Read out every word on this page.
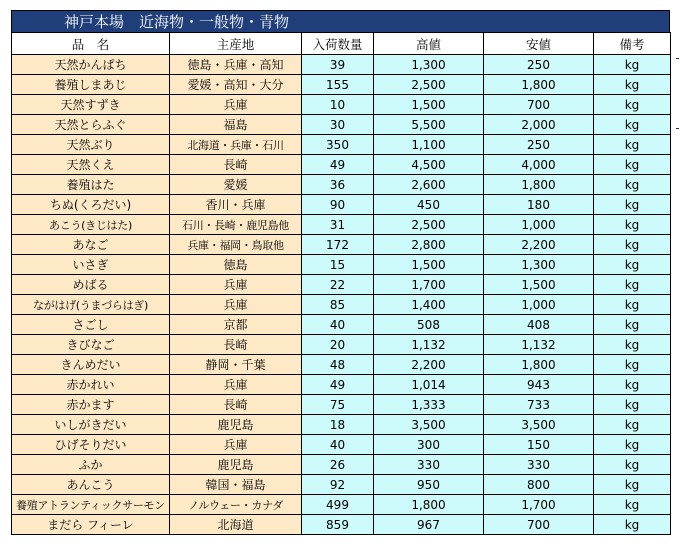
神戸本場　近海物・一般物・青物
品　名	主産地	入荷数量	高値	安値	備考
天然かんぱち	徳島・兵庫・高知	39	1,300	250	kg
養殖しまあじ	愛媛・高知・大分	155	2,500	1,800	kg
天然すずき	兵庫	10	1,500	700	kg
天然とらふぐ	福島	30	5,500	2,000	kg
天然ぶり	北海道・兵庫・石川	350	1,100	250	kg
天然くえ	長崎	49	4,500	4,000	kg
養殖はた	愛媛	36	2,600	1,800	kg
ちぬ(くろだい)	香川・兵庫	90	450	180	kg
あこう(きじはた)	石川・長崎・鹿児島他	31	2,500	1,000	kg
あなご	兵庫・福岡・鳥取他	172	2,800	2,200	kg
いさぎ	徳島	15	1,500	1,300	kg
めばる	兵庫	22	1,700	1,500	kg
ながはげ(うまづらはぎ)	兵庫	85	1,400	1,000	kg
さごし	京都	40	508	408	kg
きびなご	長崎	20	1,132	1,132	kg
きんめだい	静岡・千葉	48	2,200	1,800	kg
赤かれい	兵庫	49	1,014	943	kg
赤かます	長崎	75	1,333	733	kg
いしがきだい	鹿児島	18	3,500	3,500	kg
ひげそりだい	兵庫	40	300	150	kg
ふか	鹿児島	26	330	330	kg
あんこう	韓国・福島	92	950	800	kg
養殖アトランティックサーモン	ノルウェー・カナダ	499	1,800	1,700	kg
まだら フィーレ	北海道	859	967	700	kg
